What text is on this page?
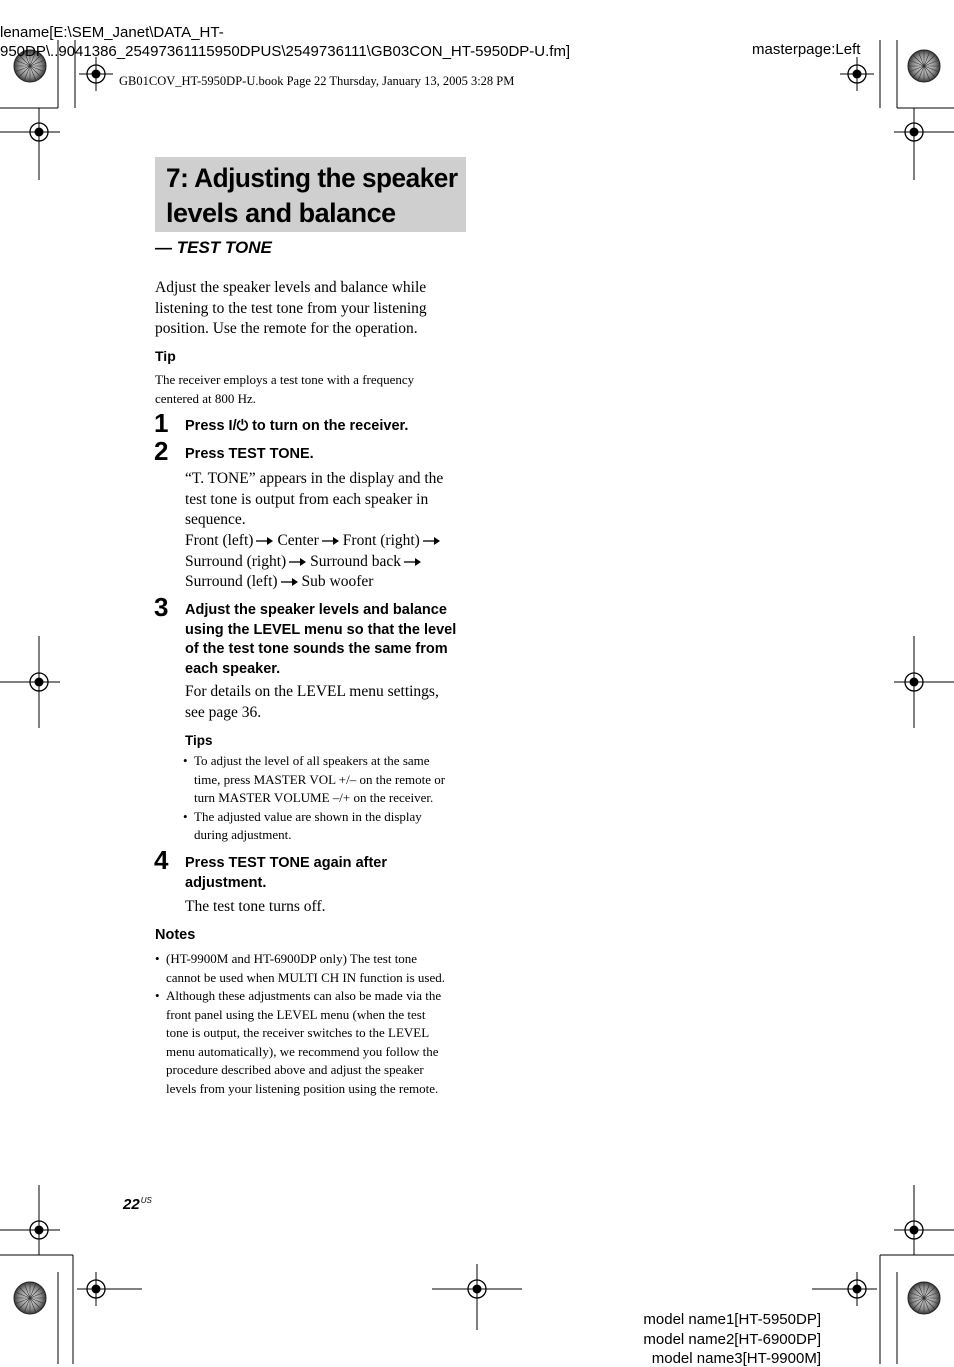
lename[E:\SEM_Janet\DATA_HT-
950DP\..9041386_25497361115950DPUS\2549736111\GB03CON_HT-5950DP-U.fm]	masterpage:Left
GB01COV_HT-5950DP-U.book Page 22 Thursday, January 13, 2005 3:28 PM
7: Adjusting the speaker
levels and balance
— TEST TONE
Adjust the speaker levels and balance while
listening to the test tone from your listening
position. Use the remote for the operation.
Tip
The receiver employs a test tone with a frequency
centered at 800 Hz.
1 Press I/⏻ to turn on the receiver.
2 Press TEST TONE.
“T. TONE” appears in the display and the
test tone is output from each speaker in
sequence.
Front (left) Center Front (right)
Surround (right) Surround back
Surround (left) Sub woofer
3 Adjust the speaker levels and balance
using the LEVEL menu so that the level
of the test tone sounds the same from
each speaker.
For details on the LEVEL menu settings,
see page 36.
Tips
• To adjust the level of all speakers at the same
time, press MASTER VOL +/– on the remote or
turn MASTER VOLUME –/+ on the receiver.
• The adjusted value are shown in the display
during adjustment.
4 Press TEST TONE again after
adjustment.
The test tone turns off.
Notes
• (HT-9900M and HT-6900DP only) The test tone
cannot be used when MULTI CH IN function is used.
• Although these adjustments can also be made via the
front panel using the LEVEL menu (when the test
tone is output, the receiver switches to the LEVEL
menu automatically), we recommend you follow the
procedure described above and adjust the speaker
levels from your listening position using the remote.
$22^{US}$
model name1[HT-5950DP]
model name2[HT-6900DP]
model name3[HT-9900M]
